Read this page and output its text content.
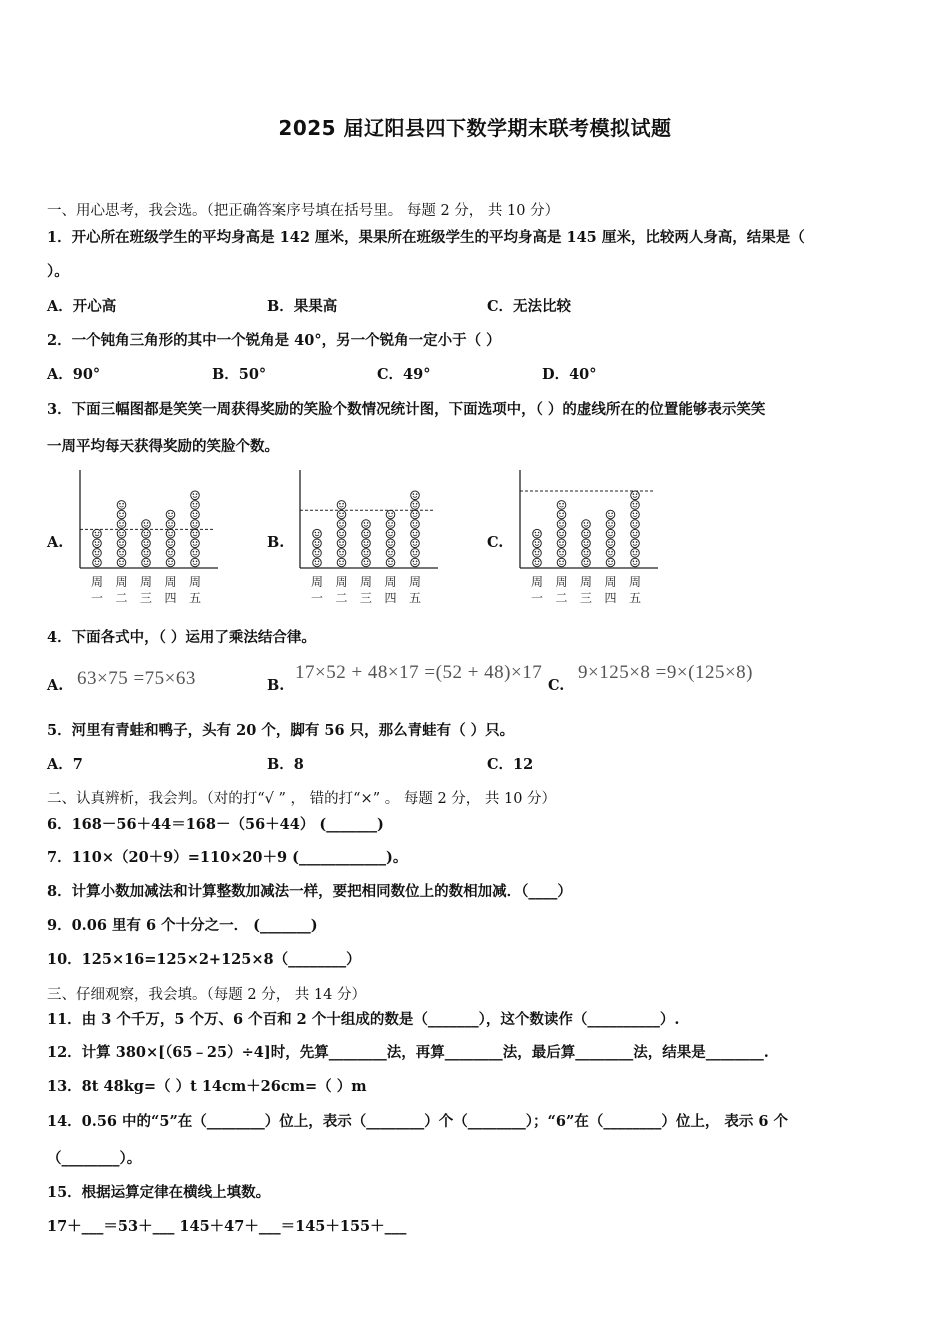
2025 届辽阳县四下数学期末联考模拟试题
一、用心思考，我会选。（把正确答案序号填在括号里。 每题 2 分， 共 10 分）
1．开心所在班级学生的平均身高是 142 厘米，果果所在班级学生的平均身高是 145 厘米，比较两人身高，结果是（
）。
A．开心高	B．果果高	C．无法比较
2．一个钝角三角形的其中一个锐角是 40°，另一个锐角一定小于（ ）
A．90°	B．50°	C．49°	D．40°
3．下面三幅图都是笑笑一周获得奖励的笑脸个数情况统计图，下面选项中，（ ）的虚线所在的位置能够表示笑笑
一周平均每天获得奖励的笑脸个数。
A.	B.	C.
周
一
周
二
周
三
周
四
周
五
周
一
周
二
周
三
周
四
周
五
周
一
周
二
周
三
周
四
周
五
4．下面各式中，（ ）运用了乘法结合律。
A. 63×75 =75×63	B.
17×52 + 48×17 =(52 + 48)×17
C.
9×125×8 =9×(125×8)
5．河里有青蛙和鸭子，头有 20 个，脚有 56 只，那么青蛙有（ ）只。
A．7	B．8	C．12
二、认真辨析，我会判。（对的打“√ ” ， 错的打“×” 。 每题 2 分， 共 10 分）
6．168－56＋44＝168－（56＋44） (_______)
7．110×（20＋9）=110×20＋9 (____________)。
8．计算小数加减法和计算整数加减法一样，要把相同数位上的数相加减．（____）
9．0.06 里有 6 个十分之一． (_______)
10．125×16=125×2+125×8（________）
三、仔细观察，我会填。（每题 2 分， 共 14 分）
11．由 3 个千万，5 个万、6 个百和 2 个十组成的数是（_______），这个数读作（__________）.
12．计算 380×[（65﹣25）÷4]时，先算________法，再算________法，最后算________法，结果是________.
13．8t 48kg=（ ）t 14cm＋26cm=（ ）m
14．0.56 中的“5”在（________）位上，表示（________）个（________）；“6”在（________）位上， 表示 6 个
（________）。
15．根据运算定律在横线上填数。
17＋___＝53＋___ 145＋47＋___＝145＋155＋___
